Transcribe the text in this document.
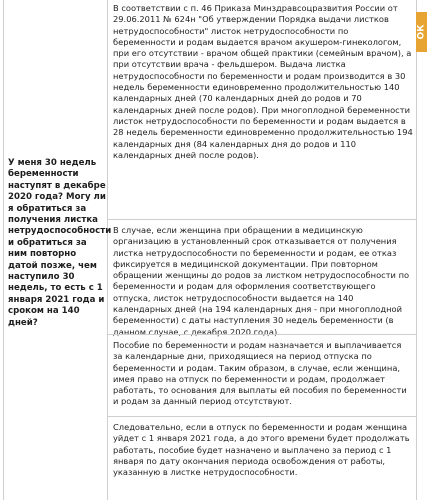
У меня 30 недель беременности наступят в декабре 2020 года? Могу ли я обратиться за получения листка нетрудоспособности и обратиться за ним повторно датой позже, чем наступило 30 недель, то есть с 1 января 2021 года и сроком на 140 дней?

В соответствии с п. 46 Приказа Минздравсоцразвития России от 29.06.2011 № 624н "Об утверждении Порядка выдачи листков нетрудоспособности" листок нетрудоспособности по беременности и родам выдается врачом акушером-гинекологом, при его отсутствии - врачом общей практики (семейным врачом), а при отсутствии врача - фельдшером. Выдача листка нетрудоспособности по беременности и родам производится в 30 недель беременности единовременно продолжительностью 140 календарных дней (70 календарных дней до родов и 70 календарных дней после родов). При многоплодной беременности листок нетрудоспособности по беременности и родам выдается в 28 недель беременности единовременно продолжительностью 194 календарных дня (84 календарных дня до родов и 110 календарных дней после родов).

В случае, если женщина при обращении в медицинскую организацию в установленный срок отказывается от получения листка нетрудоспособности по беременности и родам, ее отказ фиксируется в медицинской документации. При повторном обращении женщины до родов за листком нетрудоспособности по беременности и родам для оформления соответствующего отпуска, листок нетрудоспособности выдается на 140 календарных дней (на 194 календарных дня - при многоплодной беременности) с даты наступления 30 недель беременности (в данном случае, с декабря 2020 года).

Пособие по беременности и родам назначается и выплачивается за календарные дни, приходящиеся на период отпуска по беременности и родам. Таким образом, в случае, если женщина, имея право на отпуск по беременности и родам, продолжает работать, то основания для выплаты ей пособия по беременности и родам за данный период отсутствуют.

Следовательно, если в отпуск по беременности и родам женщина уйдет с 1 января 2021 года, а до этого времени будет продолжать работать, пособие будет назначено и выплачено за период с 1 января по дату окончания периода освобождения от работы, указанную в листке нетрудоспособности.

ОК
